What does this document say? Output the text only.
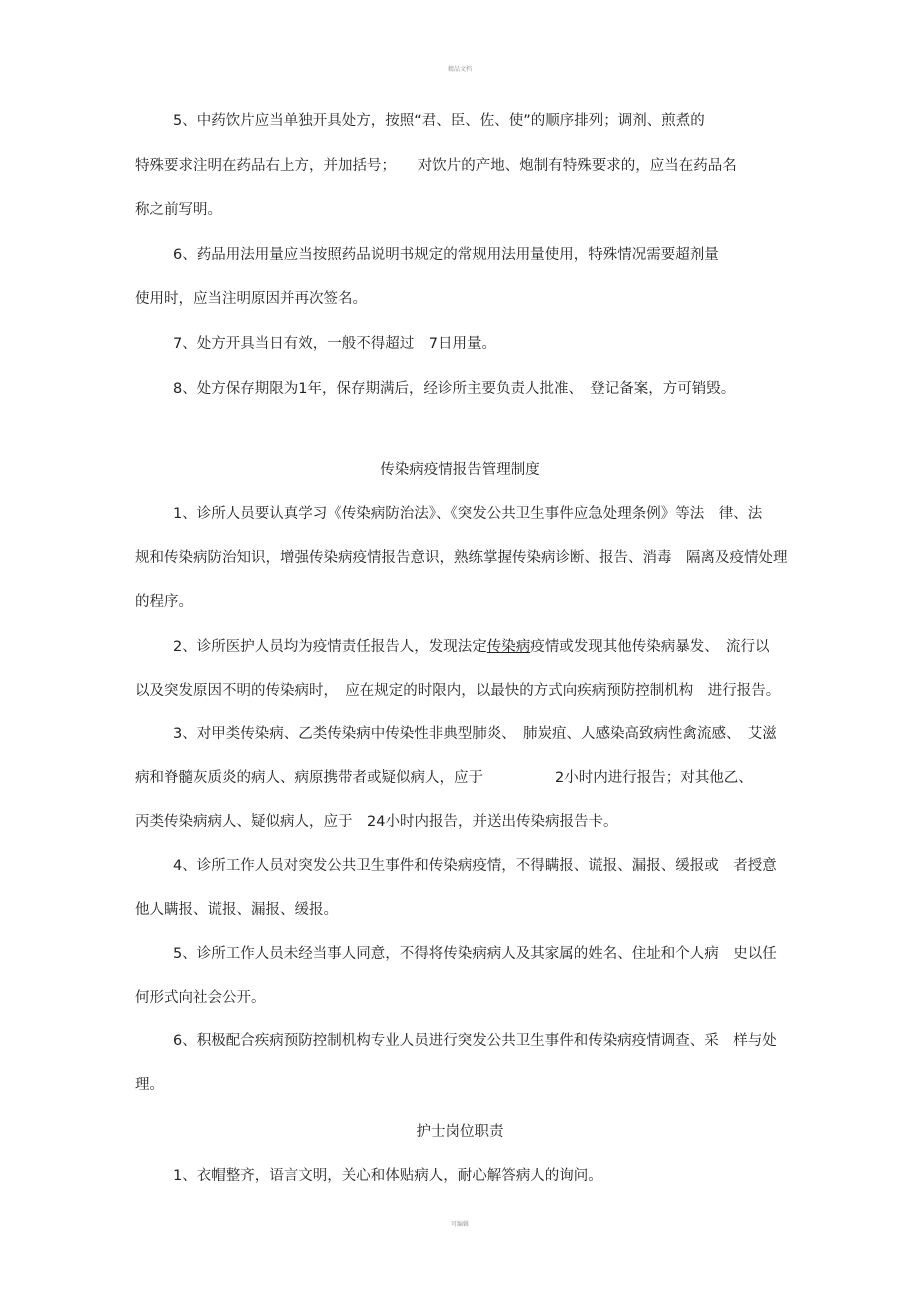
精品文档
5、中药饮片应当单独开具处方，按照“君、臣、佐、使”的顺序排列；调剂、煎煮的
特殊要求注明在药品右上方，并加括号；　　对饮片的产地、炮制有特殊要求的，应当在药品名
称之前写明。
6、药品用法用量应当按照药品说明书规定的常规用法用量使用，特殊情况需要超剂量
使用时，应当注明原因并再次签名。
7、处方开具当日有效，一般不得超过　7日用量。
8、处方保存期限为1年，保存期满后，经诊所主要负责人批准、　登记备案，方可销毁。
传染病疫情报告管理制度
1、诊所人员要认真学习《传染病防治法》、《突发公共卫生事件应急处理条例》等法　律、法
规和传染病防治知识，增强传染病疫情报告意识，熟练掌握传染病诊断、报告、消毒　隔离及疫情处理
的程序。
2、诊所医护人员均为疫情责任报告人，发现法定传染病疫情或发现其他传染病暴发、　流行以
以及突发原因不明的传染病时，　应在规定的时限内，以最快的方式向疾病预防控制机构　进行报告。
3、对甲类传染病、乙类传染病中传染性非典型肺炎、　肺炭疽、人感染高致病性禽流感、　艾滋
病和脊髓灰质炎的病人、病原携带者或疑似病人，应于	2小时内进行报告；对其他乙、
丙类传染病病人、疑似病人，应于　24小时内报告，并送出传染病报告卡。
4、诊所工作人员对突发公共卫生事件和传染病疫情，不得瞒报、谎报、漏报、缓报或　者授意
他人瞒报、谎报、漏报、缓报。
5、诊所工作人员未经当事人同意，不得将传染病病人及其家属的姓名、住址和个人病　史以任
何形式向社会公开。
6、积极配合疾病预防控制机构专业人员进行突发公共卫生事件和传染病疫情调查、采　样与处
理。
护士岗位职责
1、衣帽整齐，语言文明，关心和体贴病人，耐心解答病人的询问。
可编辑
